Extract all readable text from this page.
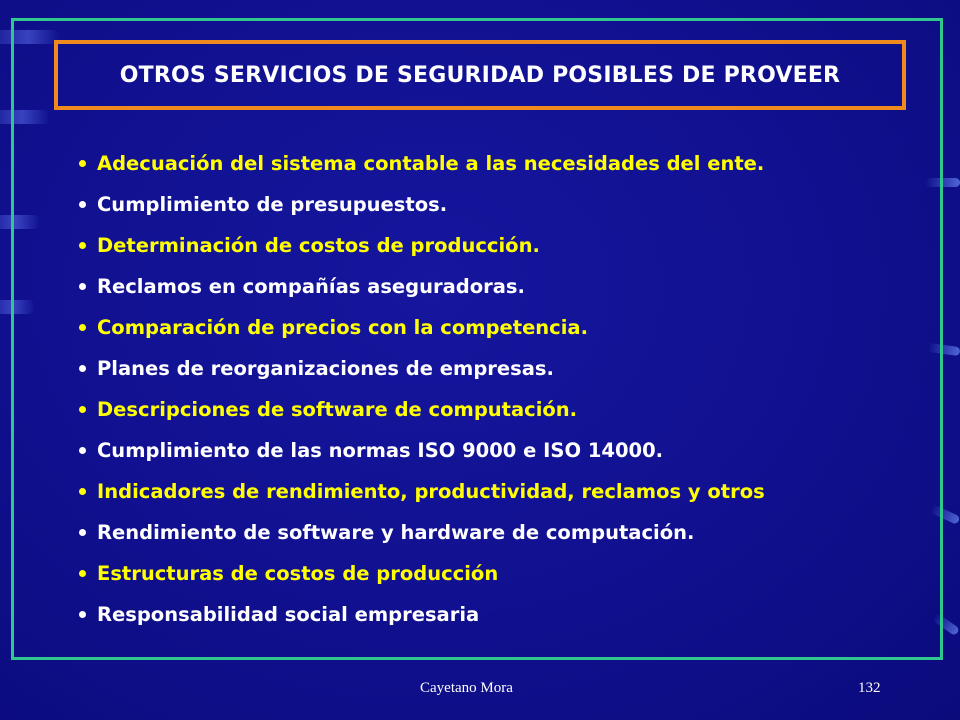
OTROS SERVICIOS DE SEGURIDAD POSIBLES DE PROVEER
Adecuación del sistema contable a las necesidades del ente.
Cumplimiento de presupuestos.
Determinación de costos de producción.
Reclamos en compañías aseguradoras.
Comparación de precios con la competencia.
Planes de reorganizaciones de empresas.
Descripciones de software de computación.
Cumplimiento de las normas ISO 9000 e ISO 14000.
Indicadores de rendimiento, productividad, reclamos y otros
Rendimiento de software y hardware de computación.
Estructuras de costos de producción
Responsabilidad social empresaria
Cayetano Mora	132
